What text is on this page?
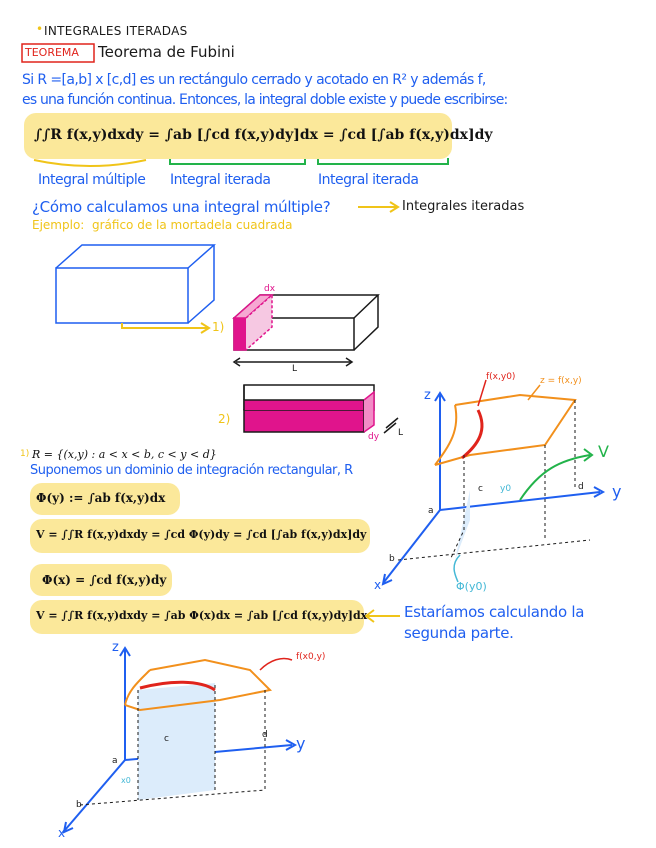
• INTEGRALES ITERADAS
TEOREMA Teorema de Fubini
Si R =[a,b] x [c,d] es un rectángulo cerrado y acotado en R² y además f,
es una función continua. Entonces, la integral doble existe y puede escribirse:
∫∫R f(x,y)dxdy = ∫ab [∫cd f(x,y)dy]dx = ∫cd [∫ab f(x,y)dx]dy
Integral múltiple Integral iterada	Integral iterada
¿Cómo calculamos una integral múltiple?	Integrales iteradas
Ejemplo: gráfico de la mortadela cuadrada
1)
dx
L
2)
dy L
1) R = {(x,y) : a < x < b, c < y < d}
Suponemos un dominio de integración rectangular, R
Φ(y) := ∫ab f(x,y)dx
V = ∫∫R f(x,y)dxdy = ∫cd Φ(y)dy = ∫cd [∫ab f(x,y)dx]dy
Φ(x) = ∫cd f(x,y)dy
V = ∫∫R f(x,y)dxdy = ∫ab Φ(x)dx = ∫ab [∫cd f(x,y)dy]dx Estaríamos calculando la
segunda parte.
f(x,y0)	z = f(x,y)
V
z
y
x
a
b
c	d
y0
Φ(y0)
f(x0,y)
z
y
x
a
b
c	d
x0
